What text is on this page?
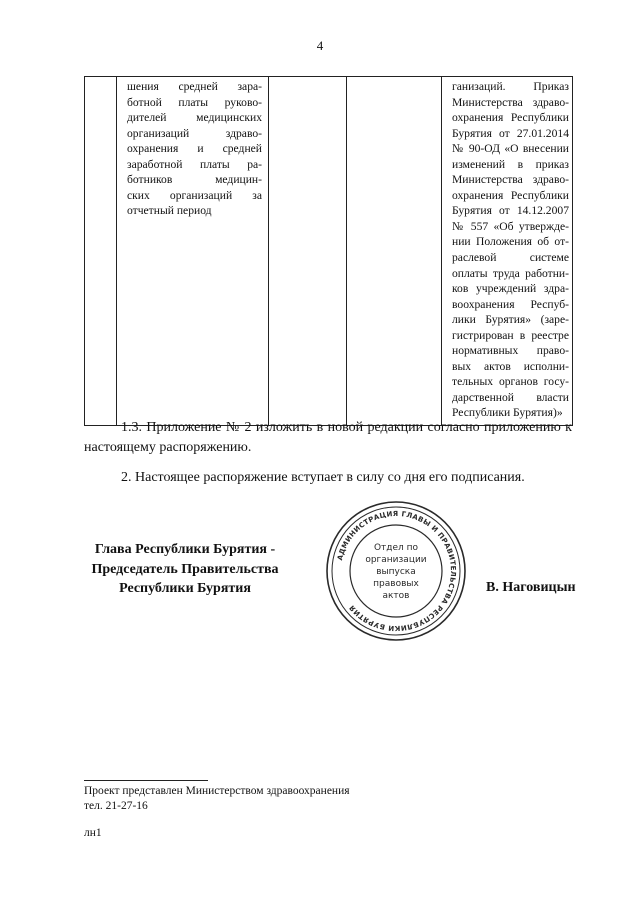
4

шения средней зара-
ботной платы руково-
дителей медицинских
организаций здраво-
охранения и средней
заработной платы ра-
ботников медицин-
ских организаций за
отчетный период

ганизаций. Приказ
Министерства здраво-
охранения Республики
Бурятия от 27.01.2014
№ 90-ОД «О внесении
изменений в приказ
Министерства здраво-
охранения Республики
Бурятия от 14.12.2007
№ 557 «Об утвержде-
нии Положения об от-
раслевой системе
оплаты труда работни-
ков учреждений здра-
воохранения Респуб-
лики Бурятия» (заре-
гистрирован в реестре
нормативных право-
вых актов исполни-
тельных органов госу-
дарственной власти
Республики Бурятия)»

1.3. Приложение № 2 изложить в новой редакции согласно приложению к настоящему распоряжению.

2. Настоящее распоряжение вступает в силу со дня его подписания.

Глава Республики Бурятия -
Председатель Правительства
Республики Бурятия
АДМИНИСТРАЦИЯ ГЛАВЫ И ПРАВИТЕЛЬСТВА РЕСПУБЛИКИ БУРЯТИЯ
Отдел по
организации
выпуска
правовых
актов
В. Наговицын
Проект представлен Министерством здравоохранения
тел. 21-27-16
лн1
